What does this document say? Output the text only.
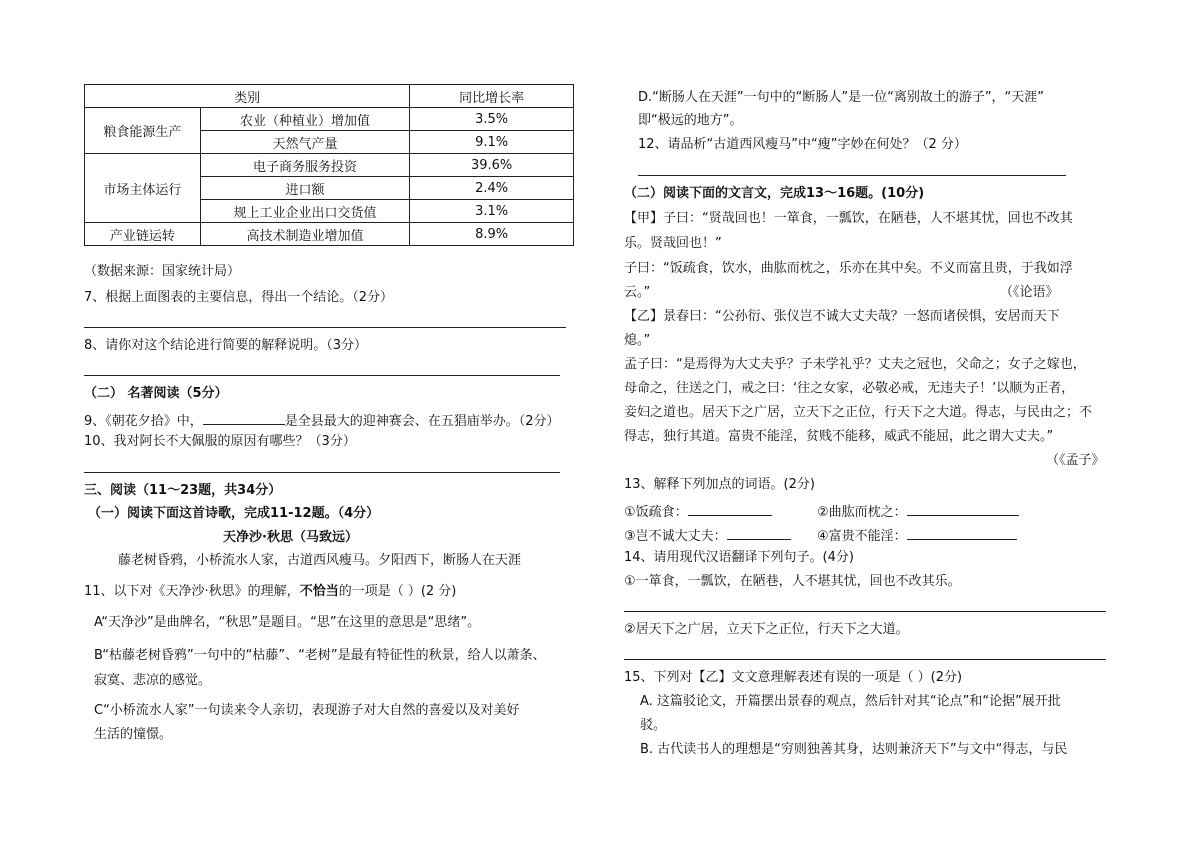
类别		同比增长率
粮食能源生产	农业（种植业）增加值	3.5%
	天然气产量	9.1%
市场主体运行	电子商务服务投资	39.6%
	进口额	2.4%
	规上工业企业出口交货值	3.1%
产业链运转	高技术制造业增加值	8.9%
（数据来源：国家统计局）
7、根据上面图表的主要信息，得出一个结论。（2分）
8、请你对这个结论进行简要的解释说明。（3分）
（二） 名著阅读（5分）
9、《朝花夕拾》中，	是全县最大的迎神赛会、在五猖庙举办。（2分）
10、我对阿长不大佩服的原因有哪些？（3分）
三、阅读（11～23题，共34分）
（一）阅读下面这首诗歌，完成11-12题。（4分）
天净沙·秋思（马致远）
藤老树昏鸦，小桥流水人家，古道西风瘦马。夕阳西下，断肠人在天涯
11、以下对《天净沙·秋思》的理解，不恰当的一项是（ ）(2 分)
A“天净沙”是曲牌名，“秋思”是题目。“思”在这里的意思是“思绪”。
B“枯藤老树昏鸦”一句中的“枯藤”、“老树”是最有特征性的秋景，给人以萧条、
寂寞、悲凉的感觉。
C“小桥流水人家”一句读来令人亲切，表现游子对大自然的喜爱以及对美好
生活的憧憬。
D.“断肠人在天涯”一句中的“断肠人”是一位“离别故土的游子”，“天涯”
即“极远的地方”。
12、请品析“古道西风瘦马”中“瘦”字妙在何处？（2 分）
（二）阅读下面的文言文，完成13～16题。(10分)
【甲】子曰：“贤哉回也！一箪食，一瓢饮，在陋巷，人不堪其忧，回也不改其
乐。贤哉回也！”
子曰：“饭疏食，饮水，曲肱而枕之，乐亦在其中矣。不义而富且贵，于我如浮
云。”	（《论语》
【乙】景春曰：“公孙衍、张仪岂不诚大丈夫哉？一怒而诸侯惧，安居而天下
熄。”
孟子曰：“是焉得为大丈夫乎？子未学礼乎？丈夫之冠也，父命之；女子之嫁也，
母命之，往送之门，戒之曰：‘往之女家，必敬必戒，无违夫子！’以顺为正者，
妾妇之道也。居天下之广居，立天下之正位，行天下之大道。得志，与民由之；不
得志，独行其道。富贵不能淫，贫贱不能移，威武不能屈，此之谓大丈夫。”
（《孟子》
13、解释下列加点的词语。(2分)
①饭疏食：	②曲肱而枕之：
③岂不诚大丈夫：	④富贵不能淫：
14、请用现代汉语翻译下列句子。(4分)
①一箪食，一瓢饮，在陋巷，人不堪其忧，回也不改其乐。
②居天下之广居，立天下之正位，行天下之大道。
15、下列对【乙】文文意理解表述有误的一项是（ ）(2分)
A. 这篇驳论文，开篇摆出景春的观点，然后针对其“论点”和“论据”展开批
驳。
B. 古代读书人的理想是“穷则独善其身，达则兼济天下”与文中“得志，与民
